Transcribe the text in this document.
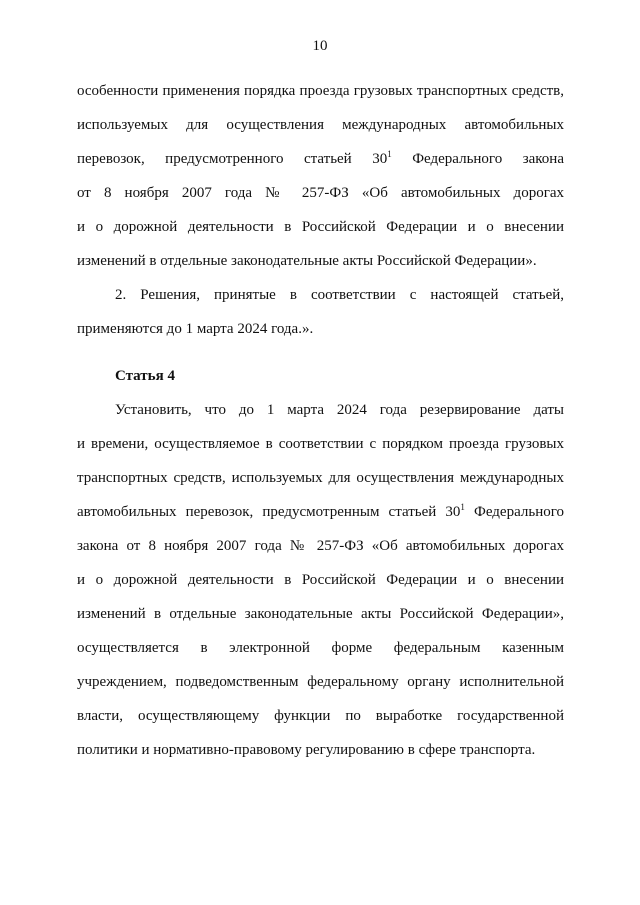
10
особенности применения порядка проезда грузовых транспортных средств,
используемых для осуществления международных автомобильных
перевозок, предусмотренного статьей $30^1$ Федерального закона
от 8 ноября 2007 года № 257-ФЗ «Об автомобильных дорогах
и о дорожной деятельности в Российской Федерации и о внесении
изменений в отдельные законодательные акты Российской Федерации».
2. Решения, принятые в соответствии с настоящей статьей,
применяются до 1 марта 2024 года.».
Статья 4
Установить, что до 1 марта 2024 года резервирование даты
и времени, осуществляемое в соответствии с порядком проезда грузовых
транспортных средств, используемых для осуществления международных
автомобильных перевозок, предусмотренным статьей $30^1$ Федерального
закона от 8 ноября 2007 года № 257-ФЗ «Об автомобильных дорогах
и о дорожной деятельности в Российской Федерации и о внесении
изменений в отдельные законодательные акты Российской Федерации»,
осуществляется в электронной форме федеральным казенным
учреждением, подведомственным федеральному органу исполнительной
власти, осуществляющему функции по выработке государственной
политики и нормативно-правовому регулированию в сфере транспорта.
